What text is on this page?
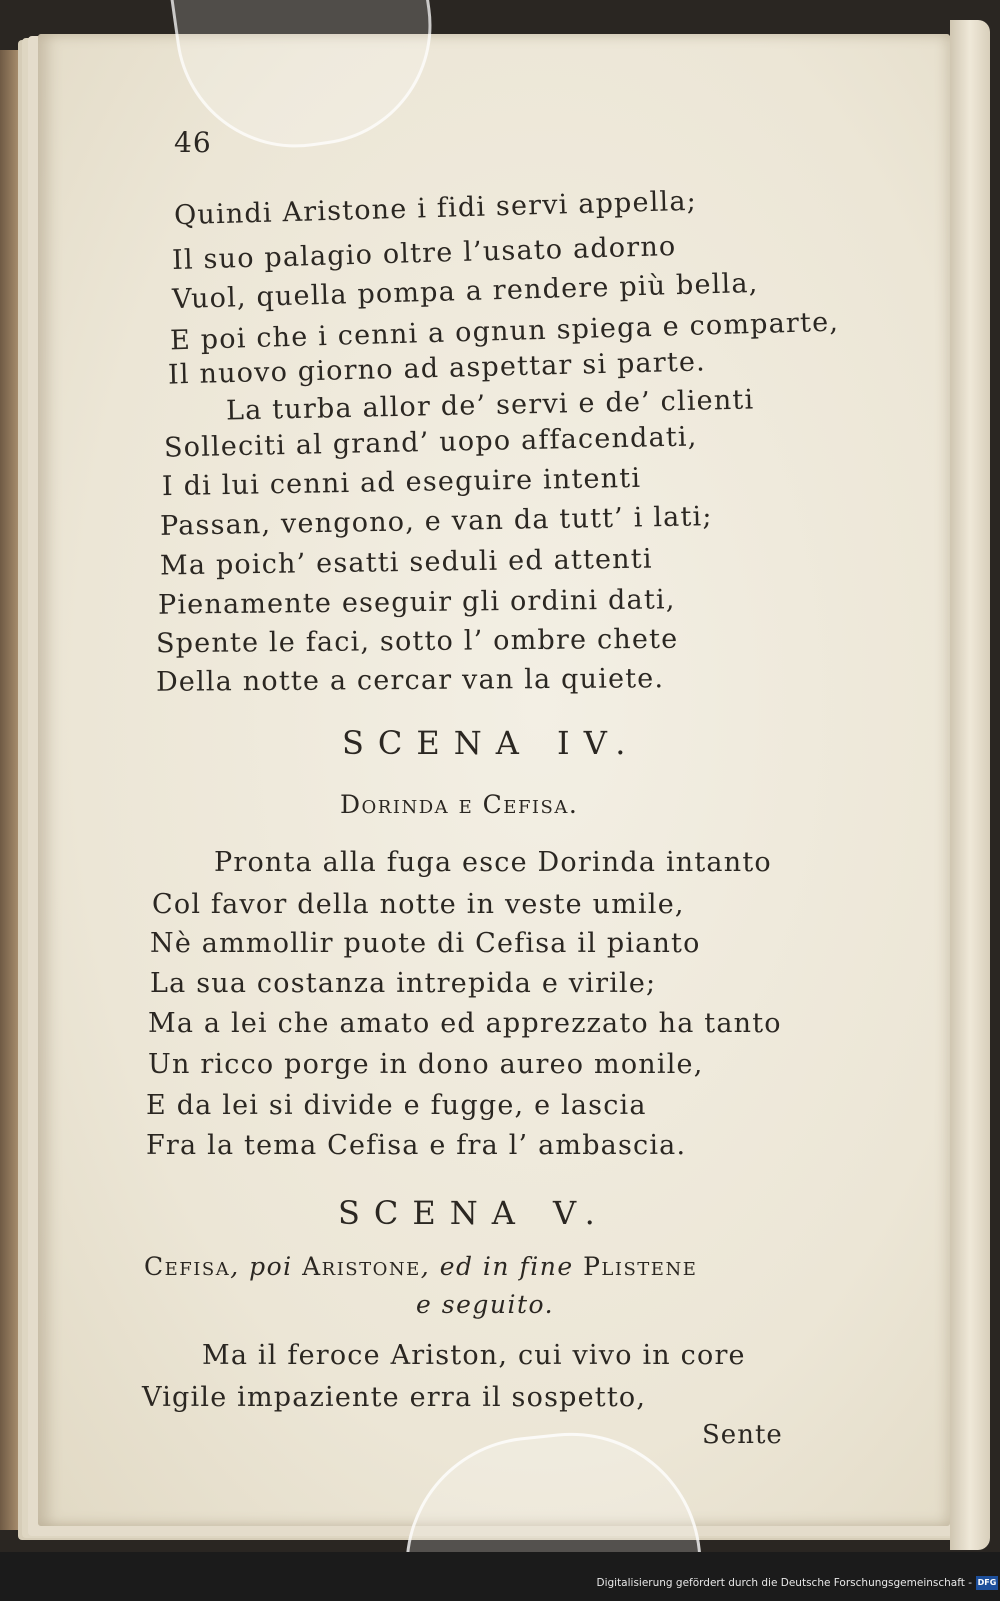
46
Quindi Aristone i fidi servi appella;
Il suo palagio oltre l’usato adorno
Vuol, quella pompa a rendere più bella,
E poi che i cenni a ognun spiega e comparte,
Il nuovo giorno ad aspettar si parte.
La turba allor de’ servi e de’ clienti
Solleciti al grand’ uopo affacendati,
I di lui cenni ad eseguire intenti
Passan, vengono, e van da tutt’ i lati;
Ma poich’ esatti seduli ed attenti
Pienamente eseguir gli ordini dati,
Spente le faci, sotto l’ ombre chete
Della notte a cercar van la quiete.
SCENA IV.
Dorinda e Cefisa.
Pronta alla fuga esce Dorinda intanto
Col favor della notte in veste umile,
Nè ammollir puote di Cefisa il pianto
La sua costanza intrepida e virile;
Ma a lei che amato ed apprezzato ha tanto
Un ricco porge in dono aureo monile,
E da lei si divide e fugge, e lascia
Fra la tema Cefisa e fra l’ ambascia.
SCENA V.
Cefisa, poi Aristone, ed in fine Plistene
e seguito.
Ma il feroce Ariston, cui vivo in core
Vigile impaziente erra il sospetto,
Sente
Digitalisierung gefördert durch die Deutsche Forschungsgemeinschaft - DFG
